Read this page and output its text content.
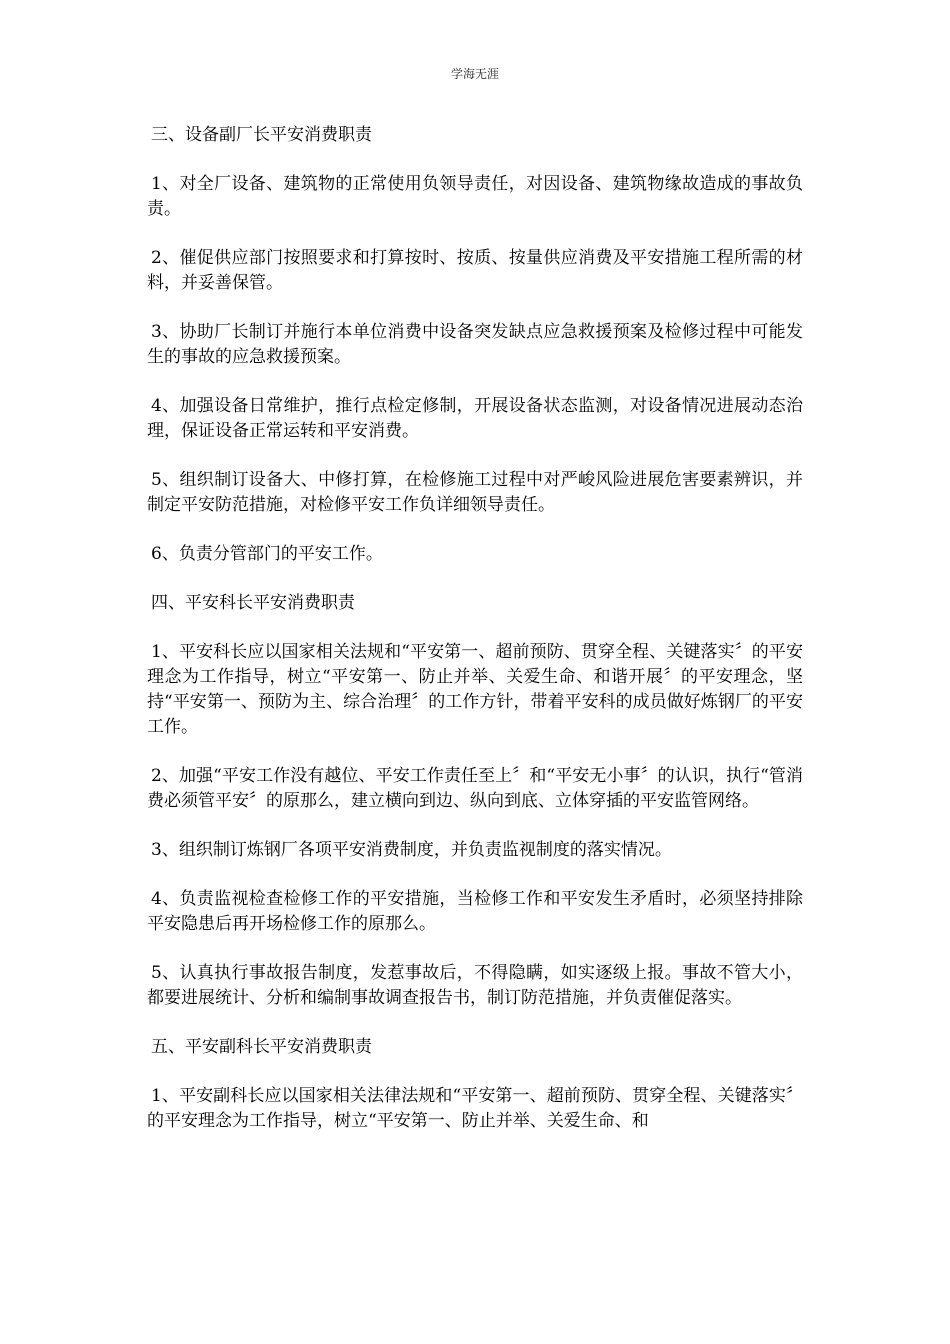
学海无涯

三、设备副厂长平安消费职责

1、对全厂设备、建筑物的正常使用负领导责任，对因设备、建筑物缘故造成的事故负责。

2、催促供应部门按照要求和打算按时、按质、按量供应消费及平安措施工程所需的材料，并妥善保管。

3、协助厂长制订并施行本单位消费中设备突发缺点应急救援预案及检修过程中可能发生的事故的应急救援预案。

4、加强设备日常维护，推行点检定修制，开展设备状态监测，对设备情况进展动态治理，保证设备正常运转和平安消费。

5、组织制订设备大、中修打算，在检修施工过程中对严峻风险进展危害要素辨识，并制定平安防范措施，对检修平安工作负详细领导责任。

6、负责分管部门的平安工作。

四、平安科长平安消费职责

1、平安科长应以国家相关法规和“平安第一、超前预防、贯穿全程、关键落实〞的平安理念为工作指导，树立“平安第一、防止并举、关爱生命、和谐开展〞的平安理念，坚持“平安第一、预防为主、综合治理〞的工作方针，带着平安科的成员做好炼钢厂的平安工作。

2、加强“平安工作没有越位、平安工作责任至上〞和“平安无小事〞的认识，执行“管消费必须管平安〞的原那么，建立横向到边、纵向到底、立体穿插的平安监管网络。

3、组织制订炼钢厂各项平安消费制度，并负责监视制度的落实情况。

4、负责监视检查检修工作的平安措施，当检修工作和平安发生矛盾时，必须坚持排除平安隐患后再开场检修工作的原那么。

5、认真执行事故报告制度，发惹事故后，不得隐瞒，如实逐级上报。事故不管大小，都要进展统计、分析和编制事故调查报告书，制订防范措施，并负责催促落实。

五、平安副科长平安消费职责

1、平安副科长应以国家相关法律法规和“平安第一、超前预防、贯穿全程、关键落实〞的平安理念为工作指导，树立“平安第一、防止并举、关爱生命、和
